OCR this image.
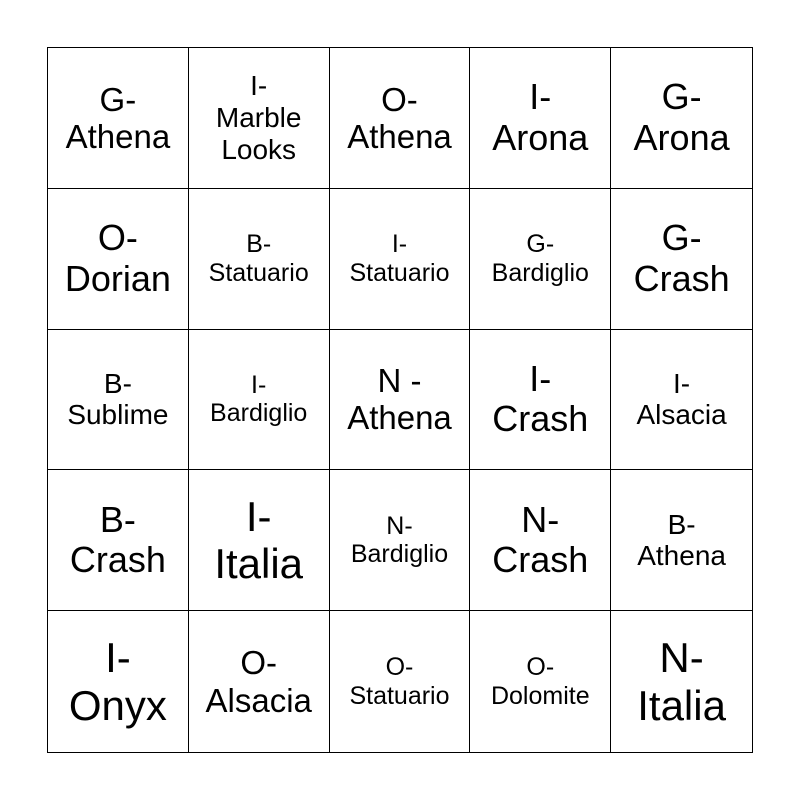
G-
Athena
I-
Marble
Looks
O-
Athena
I-
Arona
G-
Arona
O-
Dorian
B-
Statuario
I-
Statuario
G-
Bardiglio
G-
Crash
B-
Sublime
I-
Bardiglio
N -
Athena
I-
Crash
I-
Alsacia
B-
Crash
I-
Italia
N-
Bardiglio
N-
Crash
B-
Athena
I-
Onyx
O-
Alsacia
O-
Statuario
O-
Dolomite
N-
Italia
